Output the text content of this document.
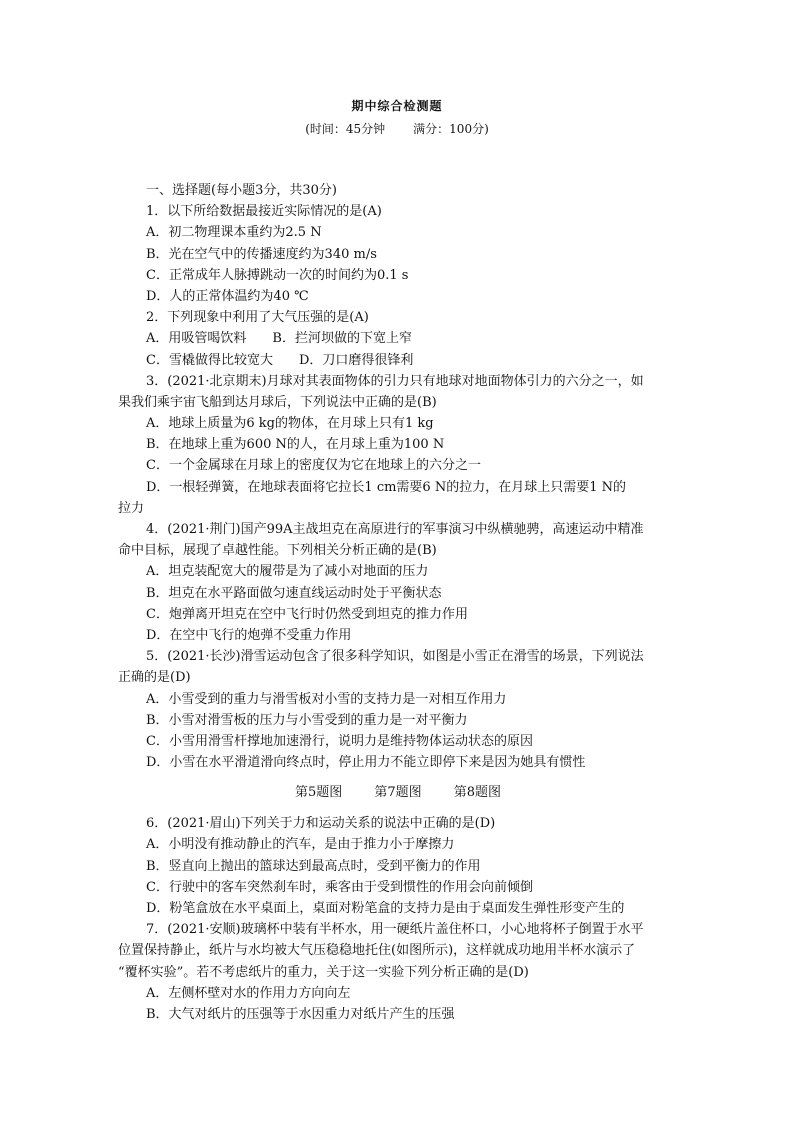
期中综合检测题
(时间：45分钟 满分：100分)
一、选择题(每小题3分，共30分)
1．以下所给数据最接近实际情况的是(A)
A．初二物理课本重约为2.5 N
B．光在空气中的传播速度约为340 m/s
C．正常成年人脉搏跳动一次的时间约为0.1 s
D．人的正常体温约为40 ℃
2．下列现象中利用了大气压强的是(A)
A．用吸管喝饮料　　B．拦河坝做的下宽上窄
C．雪橇做得比较宽大　　D．刀口磨得很锋利
3．(2021·北京期末)月球对其表面物体的引力只有地球对地面物体引力的六分之一，如
果我们乘宇宙飞船到达月球后，下列说法中正确的是(B)
A．地球上质量为6 kg的物体，在月球上只有1 kg
B．在地球上重为600 N的人，在月球上重为100 N
C．一个金属球在月球上的密度仅为它在地球上的六分之一
D．一根轻弹簧，在地球表面将它拉长1 cm需要6 N的拉力，在月球上只需要1 N的
拉力
4．(2021·荆门)国产99A主战坦克在高原进行的军事演习中纵横驰骋，高速运动中精准
命中目标，展现了卓越性能。下列相关分析正确的是(B)
A．坦克装配宽大的履带是为了减小对地面的压力
B．坦克在水平路面做匀速直线运动时处于平衡状态
C．炮弹离开坦克在空中飞行时仍然受到坦克的推力作用
D．在空中飞行的炮弹不受重力作用
5．(2021·长沙)滑雪运动包含了很多科学知识，如图是小雪正在滑雪的场景，下列说法
正确的是(D)
A．小雪受到的重力与滑雪板对小雪的支持力是一对相互作用力
B．小雪对滑雪板的压力与小雪受到的重力是一对平衡力
C．小雪用滑雪杆撑地加速滑行，说明力是维持物体运动状态的原因
D．小雪在水平滑道滑向终点时，停止用力不能立即停下来是因为她具有惯性
第5题图 第7题图 第8题图
6．(2021·眉山)下列关于力和运动关系的说法中正确的是(D)
A．小明没有推动静止的汽车，是由于推力小于摩擦力
B．竖直向上抛出的篮球达到最高点时，受到平衡力的作用
C．行驶中的客车突然刹车时，乘客由于受到惯性的作用会向前倾倒
D．粉笔盒放在水平桌面上，桌面对粉笔盒的支持力是由于桌面发生弹性形变产生的
7．(2021·安顺)玻璃杯中装有半杯水，用一硬纸片盖住杯口，小心地将杯子倒置于水平
位置保持静止，纸片与水均被大气压稳稳地托住(如图所示)，这样就成功地用半杯水演示了
“覆杯实验”。若不考虑纸片的重力，关于这一实验下列分析正确的是(D)
A．左侧杯壁对水的作用力方向向左
B．大气对纸片的压强等于水因重力对纸片产生的压强
